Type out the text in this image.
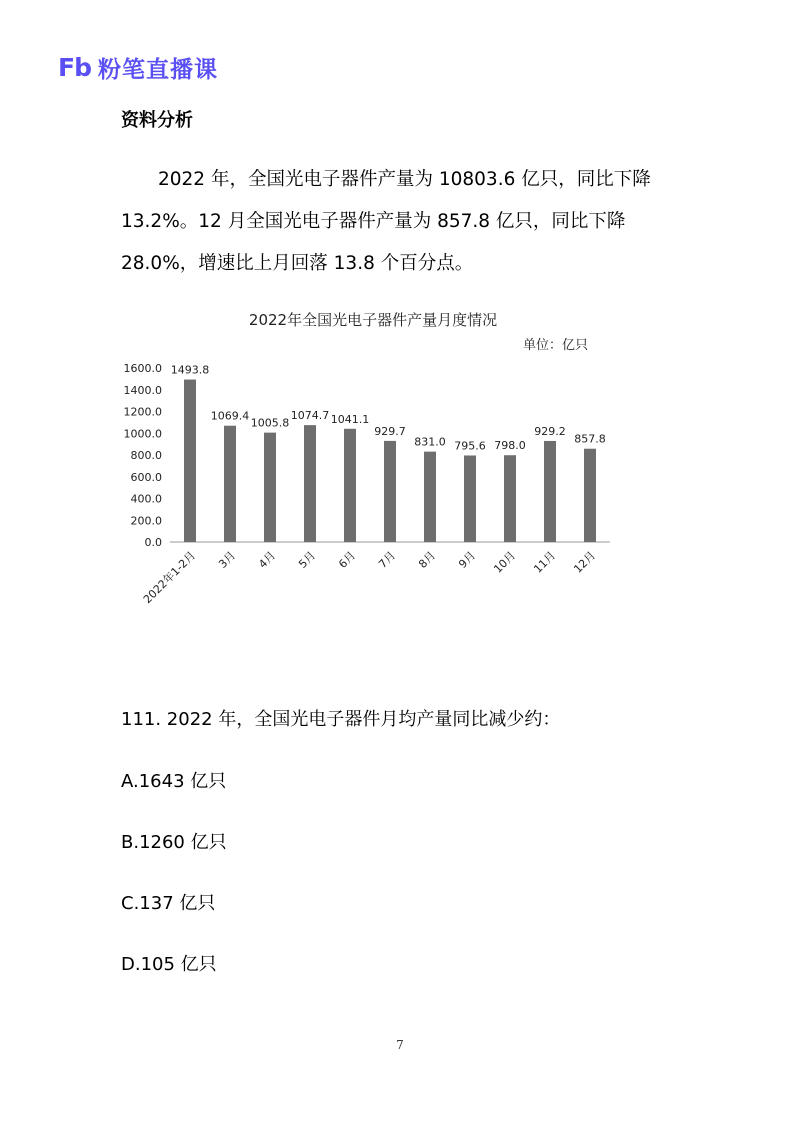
Fb 粉笔直播课
资料分析
2022 年，全国光电子器件产量为 10803.6 亿只，同比下降 13.2%。12 月全国光电子器件产量为 857.8 亿只，同比下降 28.0%，增速比上月回落 13.8 个百分点。
2022年全国光电子器件产量月度情况
单位：亿只
0.0
200.0
400.0
600.0
800.0
1000.0
1200.0
1400.0
1600.0 1493.8
2022年1-2月
1069.4
3月
1005.8
4月
1074.7
5月
1041.1
6月
929.7
7月
831.0
8月
795.6
9月
798.0
10月
929.2
11月
857.8
12月
111. 2022 年，全国光电子器件月均产量同比减少约：
A.1643 亿只
B.1260 亿只
C.137 亿只
D.105 亿只
7
